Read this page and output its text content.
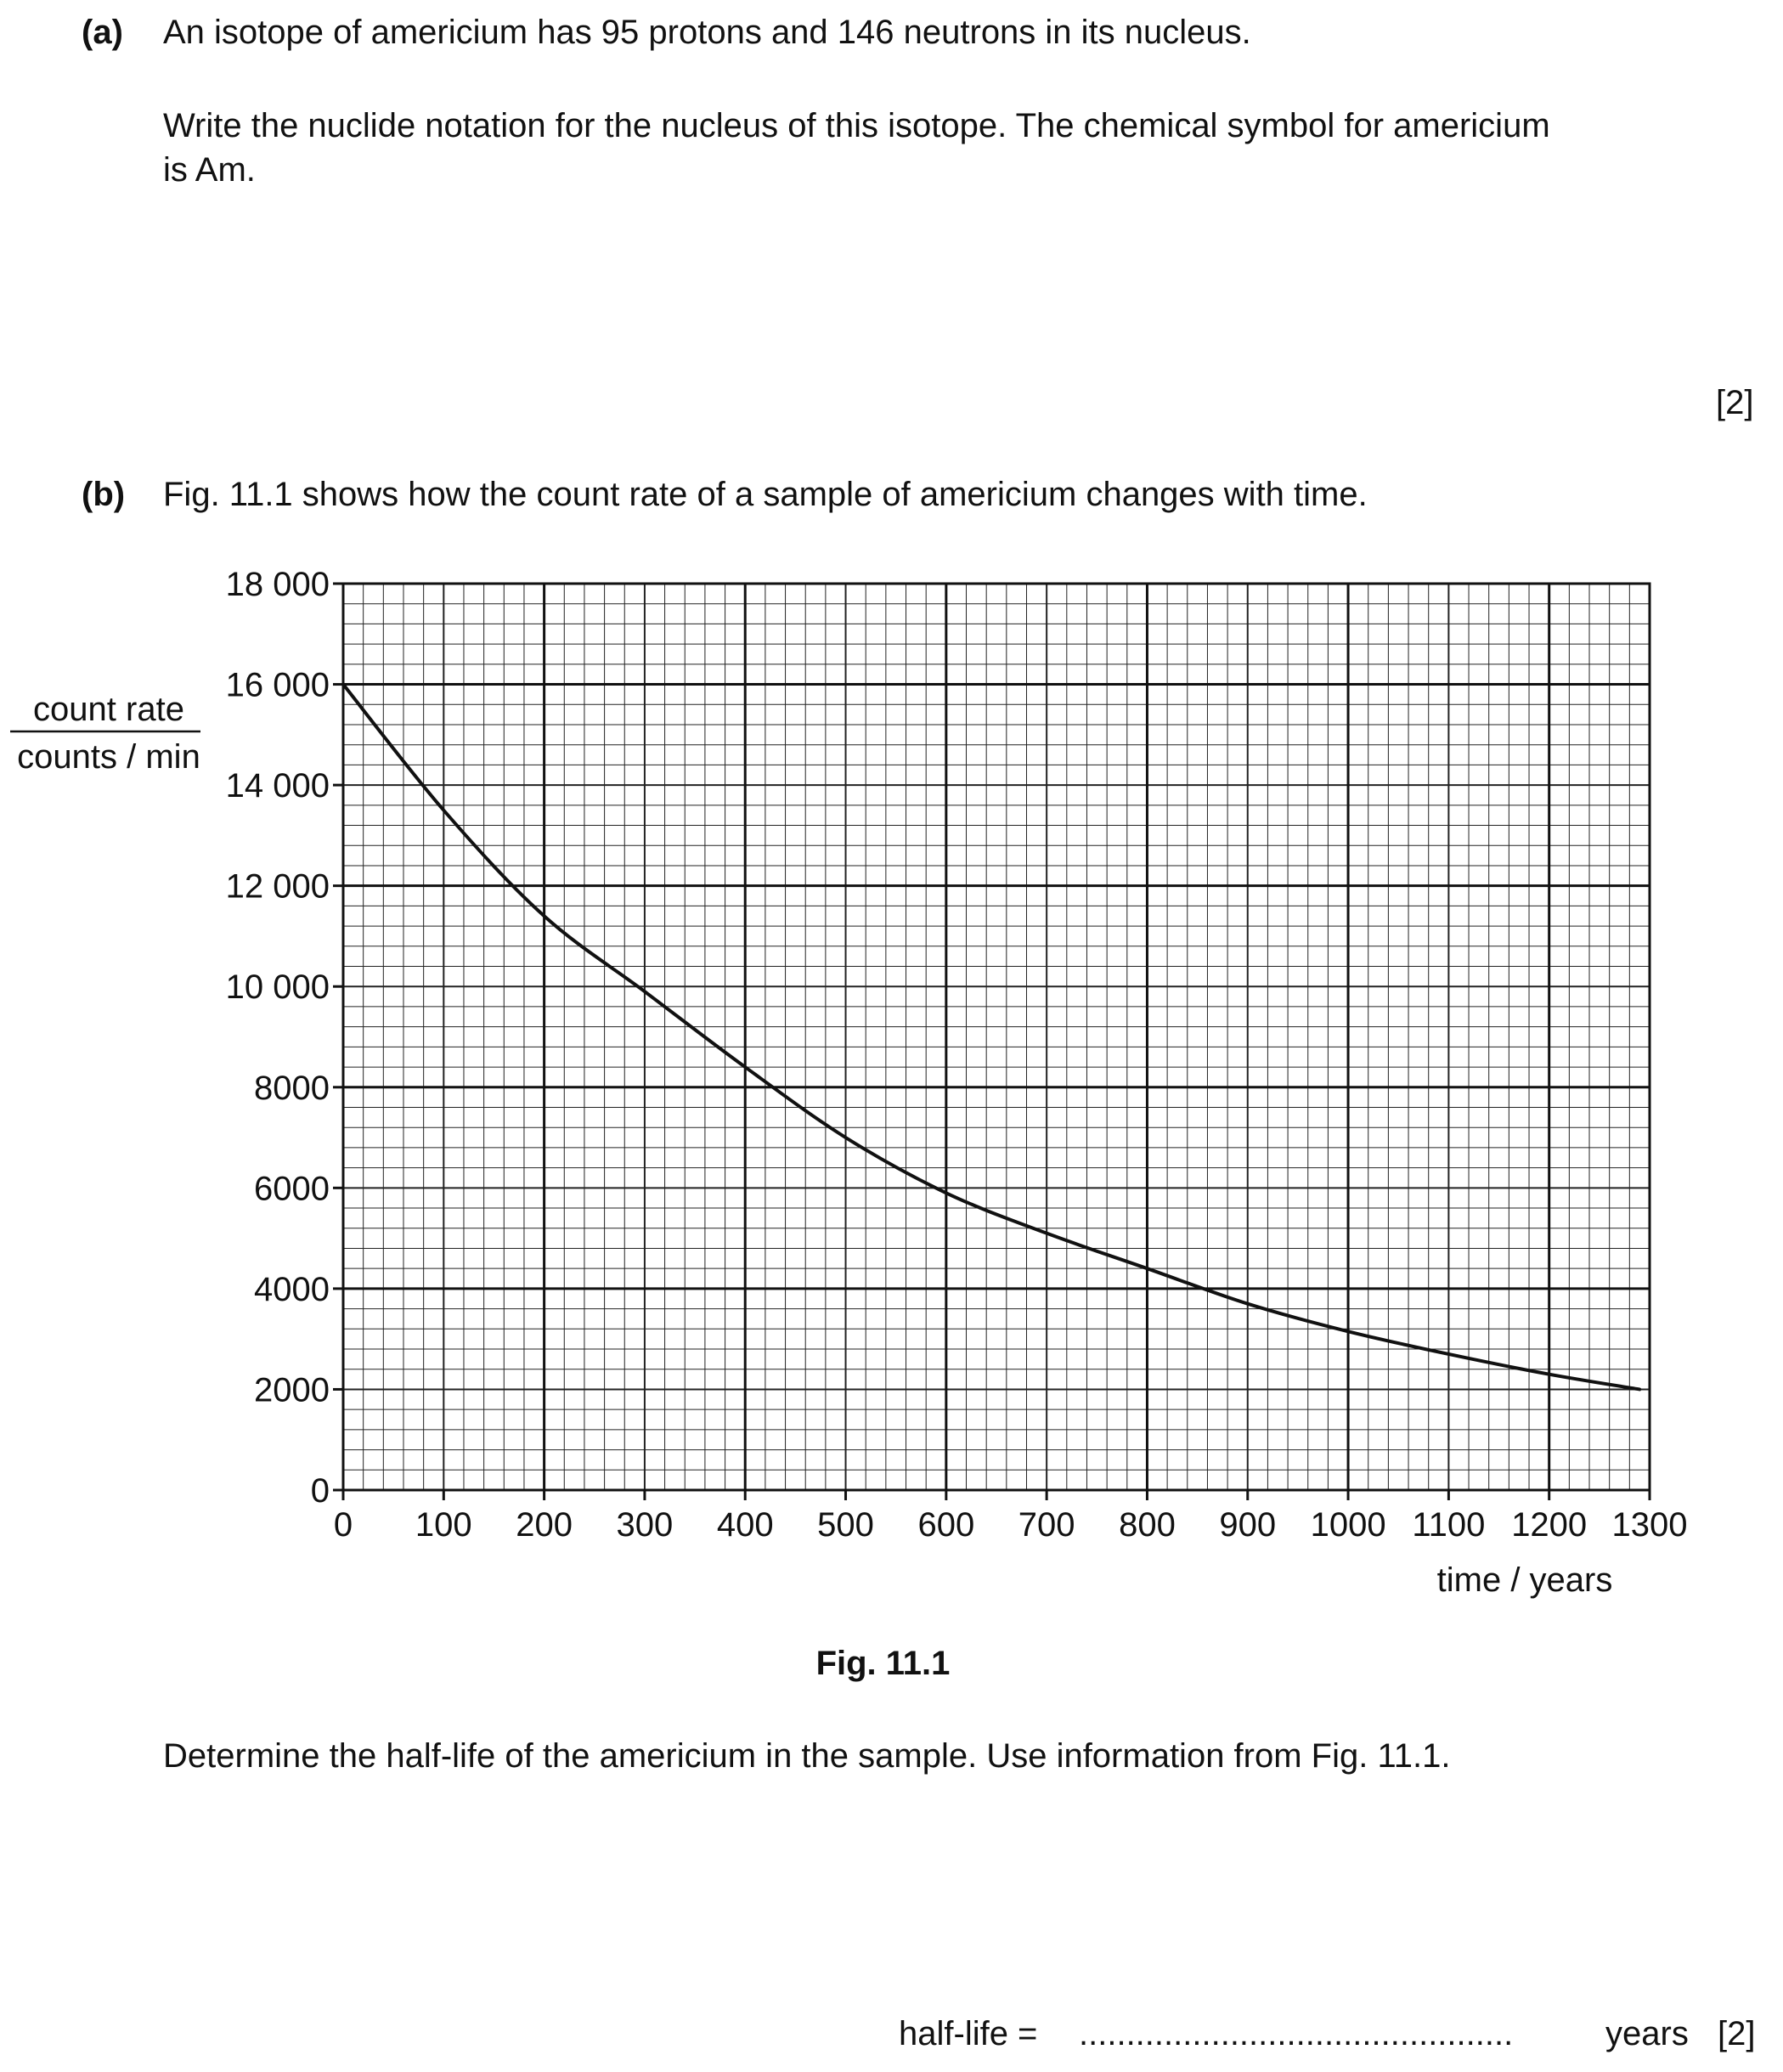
(a) An isotope of americium has 95 protons and 146 neutrons in its nucleus.
Write the nuclide notation for the nucleus of this isotope. The chemical symbol for americium
is Am.
[2]
(b) Fig. 11.1 shows how the count rate of a sample of americium changes with time.
0 100 200 300 400 500 600 700 800 900 1000 1100 1200 1300
0
2000
4000
6000
8000
10 000
12 000
14 000
16 000
18 000
count rate
counts / min
time / years
Fig. 11.1
Determine the half-life of the americium in the sample. Use information from Fig. 11.1.
half-life = ..............................................	years [2]
